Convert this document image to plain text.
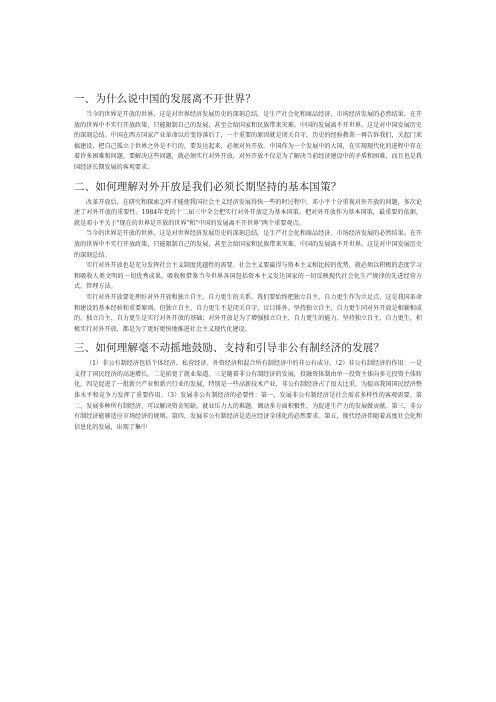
一、为什么说中国的发展离不开世界？

当今的世界是开放的世界，这是对世界经济发展历史的深刻总结，是生产社会化和商品经济、市场经济发展的必然结果。在开放的世界中不实行开放政策，只能限制自己的发展，甚至会给国家和民族带来灾难。中国的发展离不开世界。这是对中国发展历史的深刻总结。中国在西方国家产业革命以后变得落后了，一个重要的原因就是闭关自守。历史的经验教训一再告诉我们，关起门来搞建设，把自己孤立于世界之外是不行的，要发达起来，必须对外开放。中国作为一个发展中的大国，在实现现代化的进程中存在着许多困难和问题，要解决这些问题，就必须实行对外开放，对外开放不仅是为了解决当前经济建设中的矛盾和困难，而且也是我国经济长期发展的客观要求。

二、如何理解对外开放是我们必须长期坚持的基本国策？

改革开放后，在研究和探索怎样才能使我国社会主义经济发展得快一些的时过程中，邓小平十分重视对外开放的问题，多次论述了对外开放的重要性。1984年党的十二届三中全会把实行对外开放定为基本国策。把对外开放作为基本国策，最重要的依据，就是邓小平关于"现在的世界是开放的世界"和"中国的发展离不开世界"两个重要观点。

当今的世界是开放的世界，这是对世界经济发展历史的深刻总结，是生产社会化和商品经济、市场经济发展的必然结果。在开放的世界中不实行开放政策，只能限制自己的发展，甚至会给国家和民族带来灾难。中国的发展离不开世界。这是对中国发展历史的深刻总结。

实行对外开放也是充分发挥社会主义制度优越性的需要。社会主义要赢得与资本主义相比较的优势，就必须以积极的态度学习和吸收人类文明的一切优秀成果，吸收和借鉴当今世界各国包括资本主义发达国家的一切反映现代社会化生产规律的先进经营方式、管理方法。

实行对外开放要处理好对外开放和独立自主、自力更生的关系。我们要始终把独立自主、自力更生作为立足点，这是我国革命和建设的基本经验和重要原则。但独立自主、自力更生不是闭关自守、盲目排外。坚持独立自主、自力更生同对外开放是相辅相成的。独立自主、自力更生是实行对外开放的基础；对外开放是为了增强独立自主、自力更生的能力。坚持独立自主、自力更生，积极实行对外开放，都是为了更好更快地推进社会主义现代化建设。

三、如何理解毫不动摇地鼓励、支持和引导非公有制经济的发展？

（1）非公有制经济包括个体经济、私营经济、外资经济和混合所有制经济中的非公有成分。（2）非公有制经济的作用：一是支持了国民经济的高速增长。二是拓宽了就业渠道。三是随着非公有制经济的发展，投融资体制由单一投资主体向多元投资主体转化。四是促进了一批新兴产业和新兴行业的发展，特别是一些高新技术产业，非公有制经济占了很大比重，为提高我国国民经济整体水平和竞争力发挥了重要作用。（3）发展非公有制经济的必要性：第一，发展非公有制经济是社会需求多样性的客观需要。第二，发展多种所有制经济，可以解决资金短缺、就业压力大的难题，调动多方面积极性，为促进生产力的发展做贡献。第三，非公有制经济能够适应市场经济的规则。第四，发展非公有制经济是适应经济全球化的必然要求。第五，现代经济伴随着高度社会化和信息化的发展，出现了集中
